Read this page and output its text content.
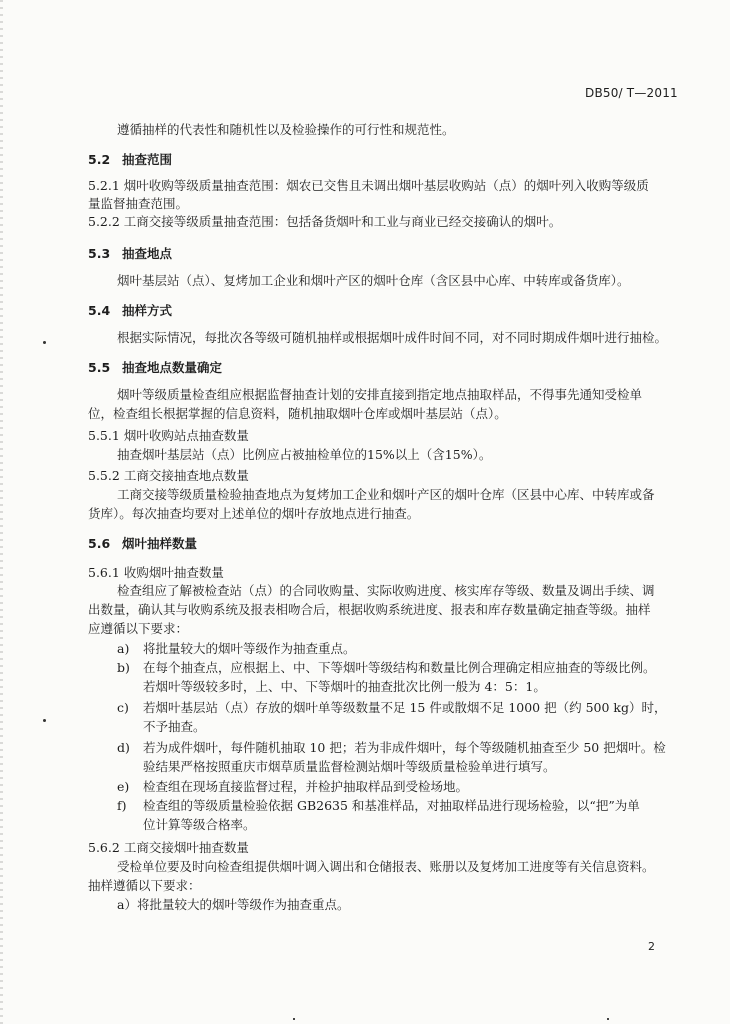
DB50/ T—2011
遵循抽样的代表性和随机性以及检验操作的可行性和规范性。
5.2 抽查范围
5.2.1 烟叶收购等级质量抽查范围：烟农已交售且未调出烟叶基层收购站（点）的烟叶列入收购等级质
量监督抽查范围。
5.2.2 工商交接等级质量抽查范围：包括备货烟叶和工业与商业已经交接确认的烟叶。
5.3 抽查地点
烟叶基层站（点）、复烤加工企业和烟叶产区的烟叶仓库（含区县中心库、中转库或备货库）。
5.4 抽样方式
根据实际情况，每批次各等级可随机抽样或根据烟叶成件时间不同，对不同时期成件烟叶进行抽检。
5.5 抽查地点数量确定
烟叶等级质量检查组应根据监督抽查计划的安排直接到指定地点抽取样品，不得事先通知受检单
位，检查组长根据掌握的信息资料，随机抽取烟叶仓库或烟叶基层站（点）。
5.5.1 烟叶收购站点抽查数量
抽查烟叶基层站（点）比例应占被抽检单位的15%以上（含15%）。
5.5.2 工商交接抽查地点数量
工商交接等级质量检验抽查地点为复烤加工企业和烟叶产区的烟叶仓库（区县中心库、中转库或备
货库）。每次抽查均要对上述单位的烟叶存放地点进行抽查。
5.6 烟叶抽样数量
5.6.1 收购烟叶抽查数量
检查组应了解被检查站（点）的合同收购量、实际收购进度、核实库存等级、数量及调出手续、调
出数量，确认其与收购系统及报表相吻合后，根据收购系统进度、报表和库存数量确定抽查等级。抽样
应遵循以下要求：
a) 将批量较大的烟叶等级作为抽查重点。
b) 在每个抽查点，应根据上、中、下等烟叶等级结构和数量比例合理确定相应抽查的等级比例。
若烟叶等级较多时，上、中、下等烟叶的抽查批次比例一般为 4：5：1。
c) 若烟叶基层站（点）存放的烟叶单等级数量不足 15 件或散烟不足 1000 把（约 500 kg）时，
不予抽查。
d) 若为成件烟叶，每件随机抽取 10 把；若为非成件烟叶，每个等级随机抽查至少 50 把烟叶。检
验结果严格按照重庆市烟草质量监督检测站烟叶等级质量检验单进行填写。
e) 检查组在现场直接监督过程，并检护抽取样品到受检场地。
f) 检查组的等级质量检验依据 GB2635 和基准样品，对抽取样品进行现场检验，以“把”为单
位计算等级合格率。
5.6.2 工商交接烟叶抽查数量
受检单位要及时向检查组提供烟叶调入调出和仓储报表、账册以及复烤加工进度等有关信息资料。
抽样遵循以下要求：
a）将批量较大的烟叶等级作为抽查重点。
2
